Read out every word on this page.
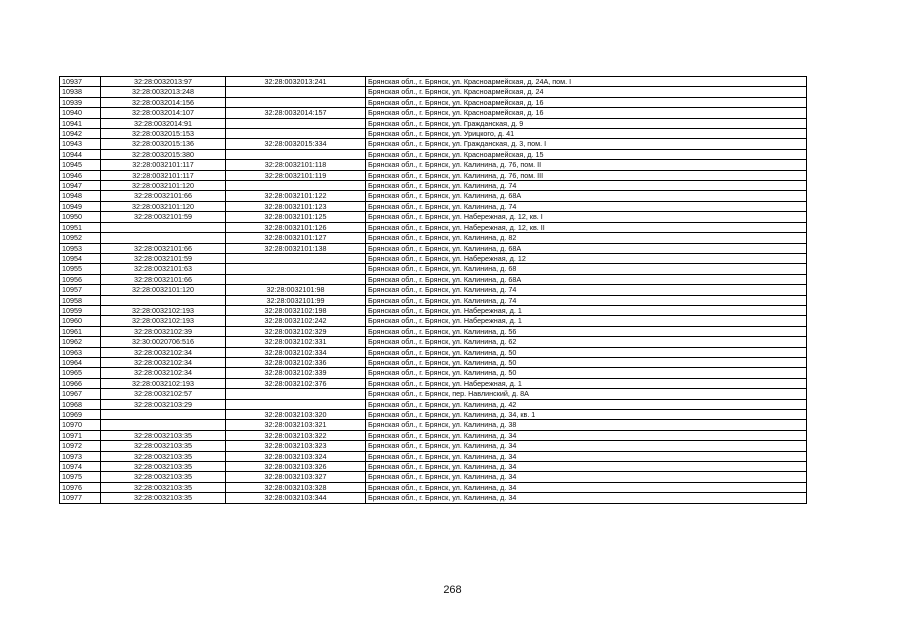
10937	32:28:0032013:97	32:28:0032013:241	Брянская обл., г. Брянск, ул. Красноармейская, д. 24А, пом. I
10938	32:28:0032013:248		Брянская обл., г. Брянск, ул. Красноармейская, д. 24
10939	32:28:0032014:156		Брянская обл., г. Брянск, ул. Красноармейская, д. 16
10940	32:28:0032014:107	32:28:0032014:157	Брянская обл., г. Брянск, ул. Красноармейская, д. 16
10941	32:28:0032014:91		Брянская обл., г. Брянск, ул. Гражданская, д. 9
10942	32:28:0032015:153		Брянская обл., г. Брянск, ул. Урицкого, д. 41
10943	32:28:0032015:136	32:28:0032015:334	Брянская обл., г. Брянск, ул. Гражданская, д. 3, пом. I
10944	32:28:0032015:380		Брянская обл., г. Брянск, ул. Красноармейская, д. 15
10945	32:28:0032101:117	32:28:0032101:118	Брянская обл., г. Брянск, ул. Калинина, д. 76, пом. II
10946	32:28:0032101:117	32:28:0032101:119	Брянская обл., г. Брянск, ул. Калинина, д. 76, пом. III
10947	32:28:0032101:120		Брянская обл., г. Брянск, ул. Калинина, д. 74
10948	32:28:0032101:66	32:28:0032101:122	Брянская обл., г. Брянск, ул. Калинина, д. 68А
10949	32:28:0032101:120	32:28:0032101:123	Брянская обл., г. Брянск, ул. Калинина, д. 74
10950	32:28:0032101:59	32:28:0032101:125	Брянская обл., г. Брянск, ул. Набережная, д. 12, кв. I
10951		32:28:0032101:126	Брянская обл., г. Брянск, ул. Набережная, д. 12, кв. II
10952		32:28:0032101:127	Брянская обл., г. Брянск, ул. Калинина, д. 82
10953	32:28:0032101:66	32:28:0032101:138	Брянская обл., г. Брянск, ул. Калинина, д. 68А
10954	32:28:0032101:59		Брянская обл., г. Брянск, ул. Набережная, д. 12
10955	32:28:0032101:63		Брянская обл., г. Брянск, ул. Калинина, д. 68
10956	32:28:0032101:66		Брянская обл., г. Брянск, ул. Калинина, д. 68А
10957	32:28:0032101:120	32:28:0032101:98	Брянская обл., г. Брянск, ул. Калинина, д. 74
10958		32:28:0032101:99	Брянская обл., г. Брянск, ул. Калинина, д. 74
10959	32:28:0032102:193	32:28:0032102:198	Брянская обл., г. Брянск, ул. Набережная, д. 1
10960	32:28:0032102:193	32:28:0032102:242	Брянская обл., г. Брянск, ул. Набережная, д. 1
10961	32:28:0032102:39	32:28:0032102:329	Брянская обл., г. Брянск, ул. Калинина, д. 56
10962	32:30:0020706:516	32:28:0032102:331	Брянская обл., г. Брянск, ул. Калинина, д. 62
10963	32:28:0032102:34	32:28:0032102:334	Брянская обл., г. Брянск, ул. Калинина, д. 50
10964	32:28:0032102:34	32:28:0032102:336	Брянская обл., г. Брянск, ул. Калинина, д. 50
10965	32:28:0032102:34	32:28:0032102:339	Брянская обл., г. Брянск, ул. Калинина, д. 50
10966	32:28:0032102:193	32:28:0032102:376	Брянская обл., г. Брянск, ул. Набережная, д. 1
10967	32:28:0032102:57		Брянская обл., г. Брянск, пер. Навлинский, д. 8А
10968	32:28:0032103:29		Брянская обл., г. Брянск, ул. Калинина, д. 42
10969		32:28:0032103:320	Брянская обл., г. Брянск, ул. Калинина, д. 34, кв. 1
10970		32:28:0032103:321	Брянская обл., г. Брянск, ул. Калинина, д. 38
10971	32:28:0032103:35	32:28:0032103:322	Брянская обл., г. Брянск, ул. Калинина, д. 34
10972	32:28:0032103:35	32:28:0032103:323	Брянская обл., г. Брянск, ул. Калинина, д. 34
10973	32:28:0032103:35	32:28:0032103:324	Брянская обл., г. Брянск, ул. Калинина, д. 34
10974	32:28:0032103:35	32:28:0032103:326	Брянская обл., г. Брянск, ул. Калинина, д. 34
10975	32:28:0032103:35	32:28:0032103:327	Брянская обл., г. Брянск, ул. Калинина, д. 34
10976	32:28:0032103:35	32:28:0032103:328	Брянская обл., г. Брянск, ул. Калинина, д. 34
10977	32:28:0032103:35	32:28:0032103:344	Брянская обл., г. Брянск, ул. Калинина, д. 34
268
